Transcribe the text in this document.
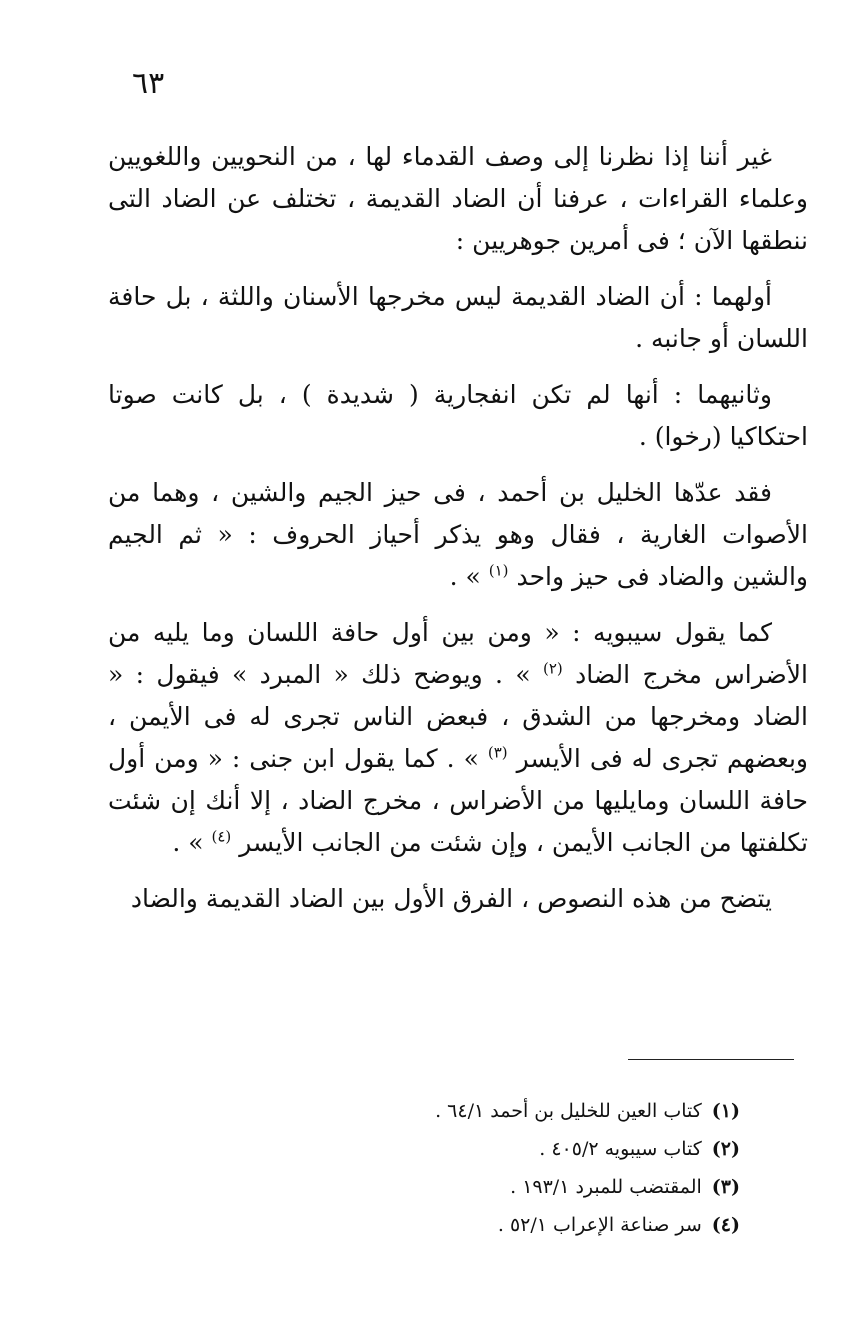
٦٣

غير أننا إذا نظرنا إلى وصف القدماء لها ، من النحويين واللغويين وعلماء القراءات ، عرفنا أن الضاد القديمة ، تختلف عن الضاد التى ننطقها الآن ؛ فى أمرين جوهريين :

أولهما : أن الضاد القديمة ليس مخرجها الأسنان واللثة ، بل حافة اللسان أو جانبه .

وثانيهما : أنها لم تكن انفجارية ( شديدة ) ، بل كانت صوتا احتكاكيا (رخوا) .

فقد عدّها الخليل بن أحمد ، فى حيز الجيم والشين ، وهما من الأصوات الغارية ، فقال وهو يذكر أحياز الحروف : « ثم الجيم والشين والضاد فى حيز واحد $^{(١)}$ » .

كما يقول سيبويه : « ومن بين أول حافة اللسان وما يليه من الأضراس مخرج الضاد $^{(٢)}$ » . ويوضح ذلك « المبرد » فيقول : « الضاد ومخرجها من الشدق ، فبعض الناس تجرى له فى الأيمن ، وبعضهم تجرى له فى الأيسر $^{(٣)}$ » . كما يقول ابن جنى : « ومن أول حافة اللسان ومايليها من الأضراس ، مخرج الضاد ، إلا أنك إن شئت تكلفتها من الجانب الأيمن ، وإن شئت من الجانب الأيسر $^{(٤)}$ » .

يتضح من هذه النصوص ، الفرق الأول بين الضاد القديمة والضاد

(١)كتاب العين للخليل بن أحمد ٦٤/١ .
(٢)كتاب سيبويه ٤٠٥/٢ .
(٣)المقتضب للمبرد ١٩٣/١ .
(٤)سر صناعة الإعراب ٥٢/١ .
